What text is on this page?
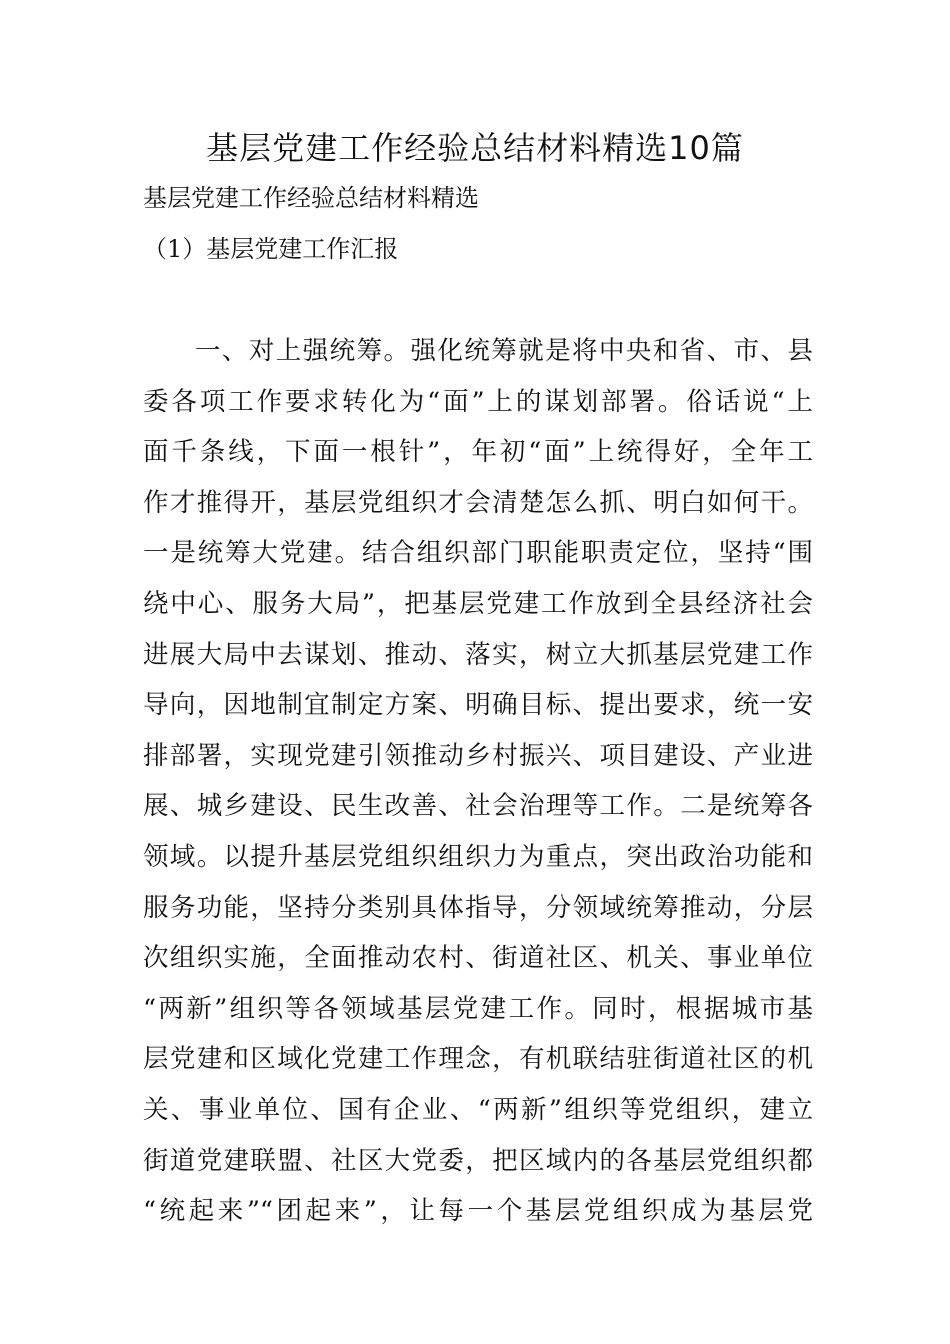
基层党建工作经验总结材料精选10篇

基层党建工作经验总结材料精选

（1）基层党建工作汇报

一、对上强统筹。强化统筹就是将中央和省、市、县
委各项工作要求转化为“面”上的谋划部署。俗话说“上
面千条线，下面一根针”，年初“面”上统得好，全年工
作才推得开，基层党组织才会清楚怎么抓、明白如何干。
一是统筹大党建。结合组织部门职能职责定位，坚持“围
绕中心、服务大局”，把基层党建工作放到全县经济社会
进展大局中去谋划、推动、落实，树立大抓基层党建工作
导向，因地制宜制定方案、明确目标、提出要求，统一安
排部署，实现党建引领推动乡村振兴、项目建设、产业进
展、城乡建设、民生改善、社会治理等工作。二是统筹各
领域。以提升基层党组织组织力为重点，突出政治功能和
服务功能，坚持分类别具体指导，分领域统筹推动，分层
次组织实施，全面推动农村、街道社区、机关、事业单位
“两新”组织等各领域基层党建工作。同时，根据城市基
层党建和区域化党建工作理念，有机联结驻街道社区的机
关、事业单位、国有企业、“两新”组织等党组织，建立
街道党建联盟、社区大党委，把区域内的各基层党组织都
“统起来”“团起来”，让每一个基层党组织成为基层党
